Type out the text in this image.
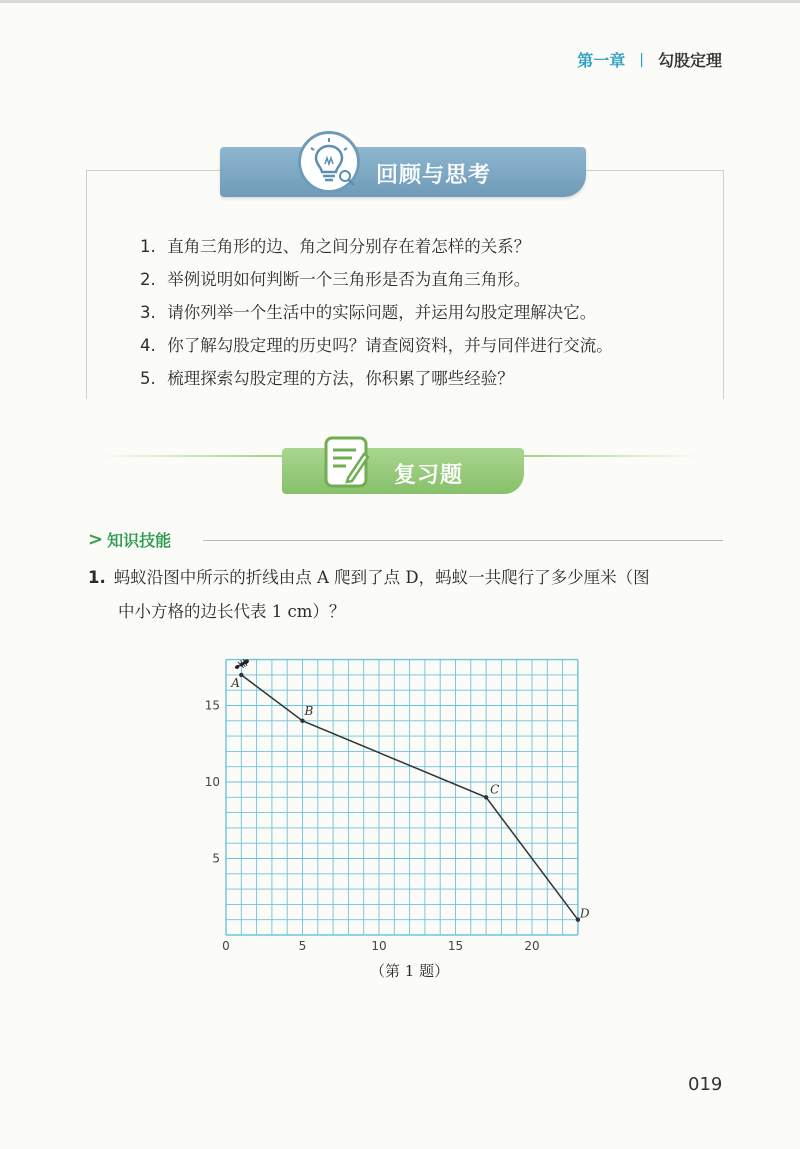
第一章 | 勾股定理
回顾与思考
1. 直角三角形的边、角之间分别存在着怎样的关系？
2. 举例说明如何判断一个三角形是否为直角三角形。
3. 请你列举一个生活中的实际问题，并运用勾股定理解决它。
4. 你了解勾股定理的历史吗？请查阅资料，并与同伴进行交流。
5. 梳理探索勾股定理的方法，你积累了哪些经验？
复习题
> 知识技能
1. 蚂蚁沿图中所示的折线由点 A 爬到了点 D，蚂蚁一共爬行了多少厘米（图
中小方格的边长代表 1 cm）？
0	5	10	15	20
5
10
15
A
B
C
D
（第 1 题）
019
